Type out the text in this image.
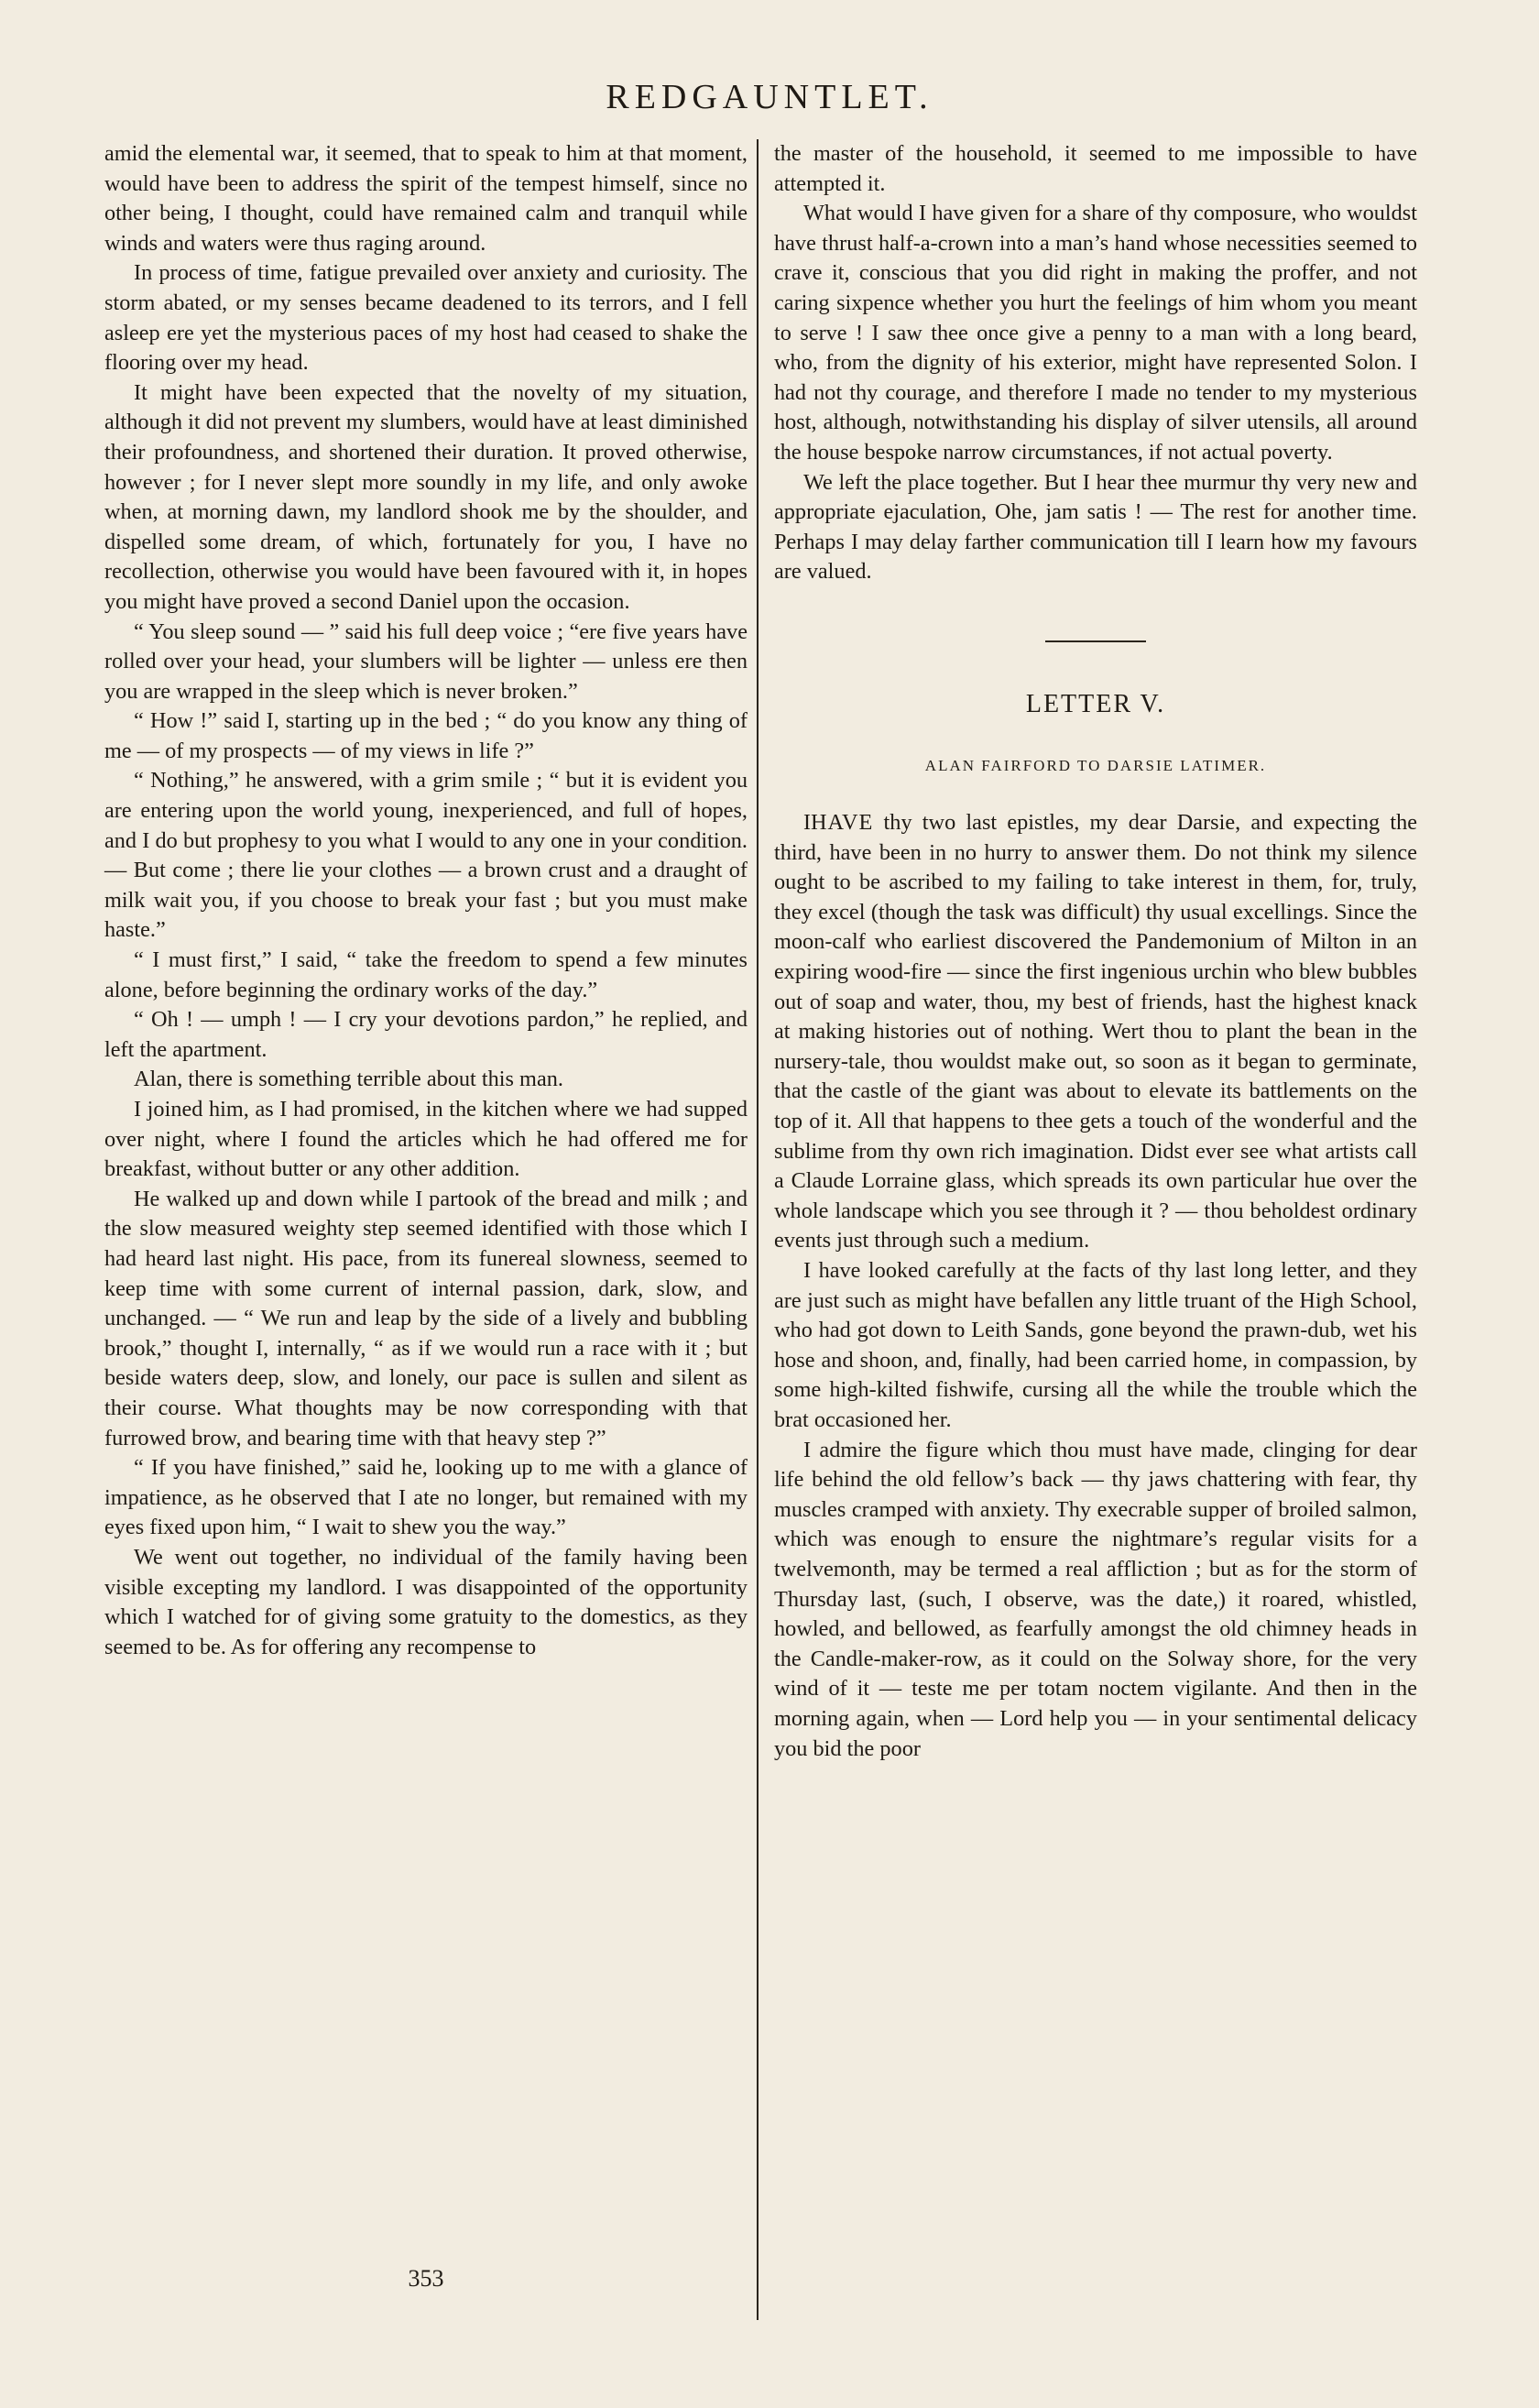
REDGAUNTLET.

amid the elemental war, it seemed, that to speak to him at that moment, would have been to address the spirit of the tempest himself, since no other being, I thought, could have remained calm and tranquil while winds and waters were thus raging around.

In process of time, fatigue prevailed over anxiety and curiosity. The storm abated, or my senses became deadened to its terrors, and I fell asleep ere yet the mysterious paces of my host had ceased to shake the flooring over my head.

It might have been expected that the novelty of my situation, although it did not prevent my slumbers, would have at least diminished their profoundness, and shortened their duration. It proved otherwise, however ; for I never slept more soundly in my life, and only awoke when, at morning dawn, my landlord shook me by the shoulder, and dispelled some dream, of which, fortunately for you, I have no recollection, otherwise you would have been favoured with it, in hopes you might have proved a second Daniel upon the occasion.

“ You sleep sound — ” said his full deep voice ; “ere five years have rolled over your head, your slumbers will be lighter — unless ere then you are wrapped in the sleep which is never broken.”

“ How !” said I, starting up in the bed ; “ do you know any thing of me — of my prospects — of my views in life ?”

“ Nothing,” he answered, with a grim smile ; “ but it is evident you are entering upon the world young, inexperienced, and full of hopes, and I do but prophesy to you what I would to any one in your condition. — But come ; there lie your clothes — a brown crust and a draught of milk wait you, if you choose to break your fast ; but you must make haste.”

“ I must first,” I said, “ take the freedom to spend a few minutes alone, before beginning the ordinary works of the day.”

“ Oh ! — umph ! — I cry your devotions pardon,” he replied, and left the apartment.

Alan, there is something terrible about this man.

I joined him, as I had promised, in the kitchen where we had supped over night, where I found the articles which he had offered me for breakfast, without butter or any other addition.

He walked up and down while I partook of the bread and milk ; and the slow measured weighty step seemed identified with those which I had heard last night. His pace, from its funereal slowness, seemed to keep time with some current of internal passion, dark, slow, and unchanged. — “ We run and leap by the side of a lively and bubbling brook,” thought I, internally, “ as if we would run a race with it ; but beside waters deep, slow, and lonely, our pace is sullen and silent as their course. What thoughts may be now corresponding with that furrowed brow, and bearing time with that heavy step ?”

“ If you have finished,” said he, looking up to me with a glance of impatience, as he observed that I ate no longer, but remained with my eyes fixed upon him, “ I wait to shew you the way.”

We went out together, no individual of the family having been visible excepting my landlord. I was disappointed of the opportunity which I watched for of giving some gratuity to the domestics, as they seemed to be. As for offering any recompense to

the master of the household, it seemed to me impossible to have attempted it.

What would I have given for a share of thy composure, who wouldst have thrust half-a-crown into a man’s hand whose necessities seemed to crave it, conscious that you did right in making the proffer, and not caring sixpence whether you hurt the feelings of him whom you meant to serve ! I saw thee once give a penny to a man with a long beard, who, from the dignity of his exterior, might have represented Solon. I had not thy courage, and therefore I made no tender to my mysterious host, although, notwithstanding his display of silver utensils, all around the house bespoke narrow circumstances, if not actual poverty.

We left the place together. But I hear thee murmur thy very new and appropriate ejaculation, Ohe, jam satis ! — The rest for another time. Perhaps I may delay farther communication till I learn how my favours are valued.

LETTER V.
ALAN FAIRFORD TO DARSIE LATIMER.

IHAVE thy two last epistles, my dear Darsie, and expecting the third, have been in no hurry to answer them. Do not think my silence ought to be ascribed to my failing to take interest in them, for, truly, they excel (though the task was difficult) thy usual excellings. Since the moon-calf who earliest discovered the Pandemonium of Milton in an expiring wood-fire — since the first ingenious urchin who blew bubbles out of soap and water, thou, my best of friends, hast the highest knack at making histories out of nothing. Wert thou to plant the bean in the nursery-tale, thou wouldst make out, so soon as it began to germinate, that the castle of the giant was about to elevate its battlements on the top of it. All that happens to thee gets a touch of the wonderful and the sublime from thy own rich imagination. Didst ever see what artists call a Claude Lorraine glass, which spreads its own particular hue over the whole landscape which you see through it ? — thou beholdest ordinary events just through such a medium.

I have looked carefully at the facts of thy last long letter, and they are just such as might have befallen any little truant of the High School, who had got down to Leith Sands, gone beyond the prawn-dub, wet his hose and shoon, and, finally, had been carried home, in compassion, by some high-kilted fishwife, cursing all the while the trouble which the brat occasioned her.

I admire the figure which thou must have made, clinging for dear life behind the old fellow’s back — thy jaws chattering with fear, thy muscles cramped with anxiety. Thy execrable supper of broiled salmon, which was enough to ensure the nightmare’s regular visits for a twelvemonth, may be termed a real affliction ; but as for the storm of Thursday last, (such, I observe, was the date,) it roared, whistled, howled, and bellowed, as fearfully amongst the old chimney heads in the Candle-maker-row, as it could on the Solway shore, for the very wind of it — teste me per totam noctem vigilante. And then in the morning again, when — Lord help you — in your sentimental delicacy you bid the poor

353
